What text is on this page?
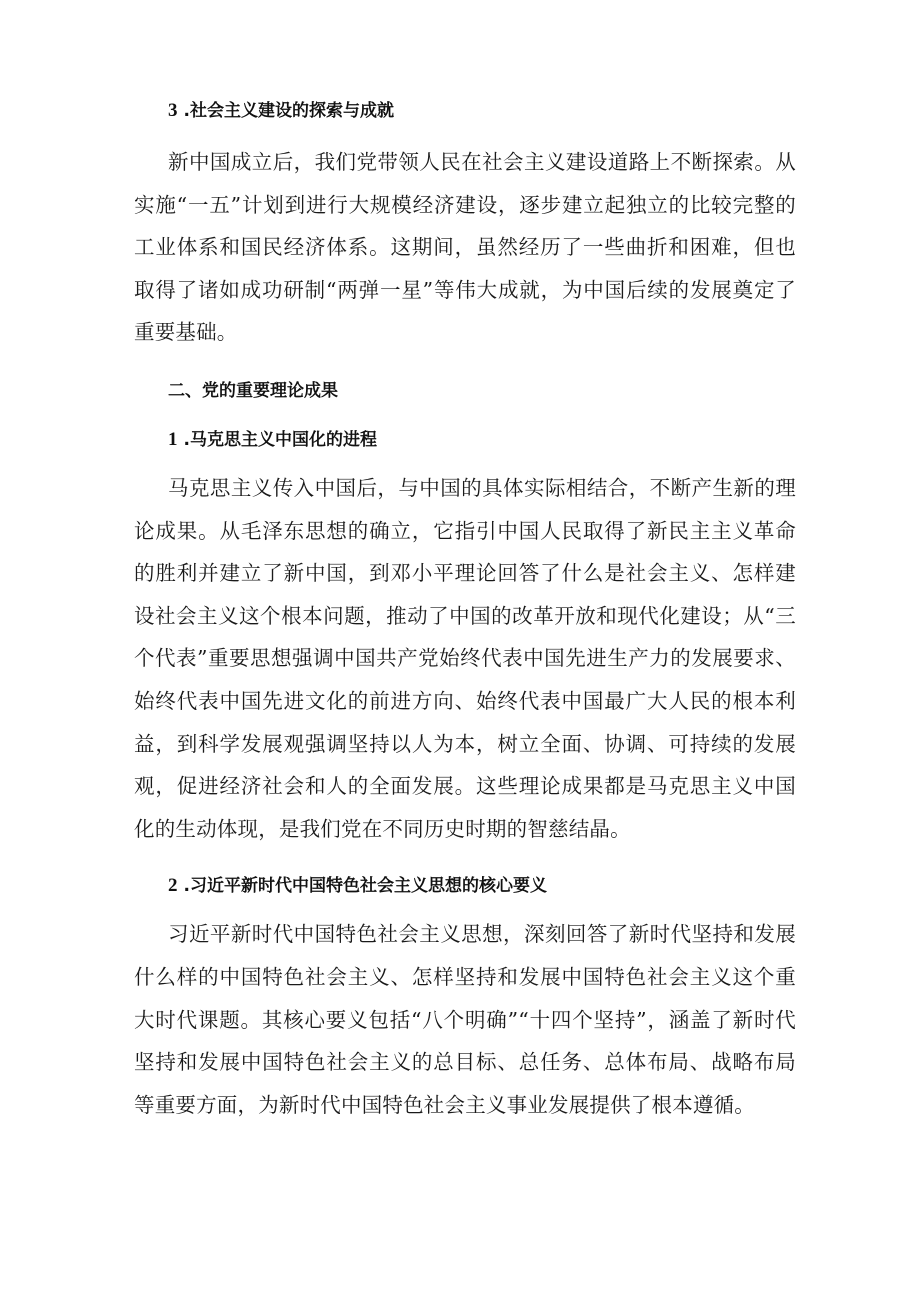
3 .社会主义建设的探索与成就

新中国成立后，我们党带领人民在社会主义建设道路上不断探索。从实施“一五”计划到进行大规模经济建设，逐步建立起独立的比较完整的工业体系和国民经济体系。这期间，虽然经历了一些曲折和困难，但也取得了诸如成功研制“两弹一星”等伟大成就，为中国后续的发展奠定了重要基础。

二、党的重要理论成果
1 .马克思主义中国化的进程

马克思主义传入中国后，与中国的具体实际相结合，不断产生新的理论成果。从毛泽东思想的确立，它指引中国人民取得了新民主主义革命的胜利并建立了新中国，到邓小平理论回答了什么是社会主义、怎样建设社会主义这个根本问题，推动了中国的改革开放和现代化建设；从“三个代表”重要思想强调中国共产党始终代表中国先进生产力的发展要求、始终代表中国先进文化的前进方向、始终代表中国最广大人民的根本利益，到科学发展观强调坚持以人为本，树立全面、协调、可持续的发展观，促进经济社会和人的全面发展。这些理论成果都是马克思主义中国化的生动体现，是我们党在不同历史时期的智慈结晶。

2 .习近平新时代中国特色社会主义思想的核心要义

习近平新时代中国特色社会主义思想，深刻回答了新时代坚持和发展什么样的中国特色社会主义、怎样坚持和发展中国特色社会主义这个重大时代课题。其核心要义包括“八个明确”“十四个坚持”，涵盖了新时代坚持和发展中国特色社会主义的总目标、总任务、总体布局、战略布局等重要方面，为新时代中国特色社会主义事业发展提供了根本遵循。
